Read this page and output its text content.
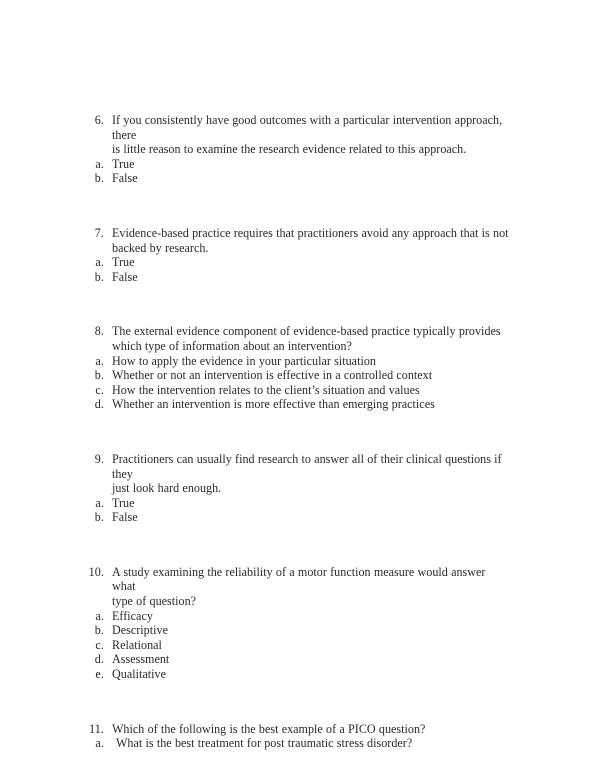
6. If you consistently have good outcomes with a particular intervention approach, there
is little reason to examine the research evidence related to this approach.
a. True
b. False
7. Evidence-based practice requires that practitioners avoid any approach that is not
backed by research.
a. True
b. False
8. The external evidence component of evidence-based practice typically provides
which type of information about an intervention?
a. How to apply the evidence in your particular situation
b. Whether or not an intervention is effective in a controlled context
c. How the intervention relates to the client’s situation and values
d. Whether an intervention is more effective than emerging practices
9. Practitioners can usually find research to answer all of their clinical questions if they
just look hard enough.
a. True
b. False
10. A study examining the reliability of a motor function measure would answer what
type of question?
a. Efficacy
b. Descriptive
c. Relational
d. Assessment
e. Qualitative
11. Which of the following is the best example of a PICO question?
a. What is the best treatment for post traumatic stress disorder?
